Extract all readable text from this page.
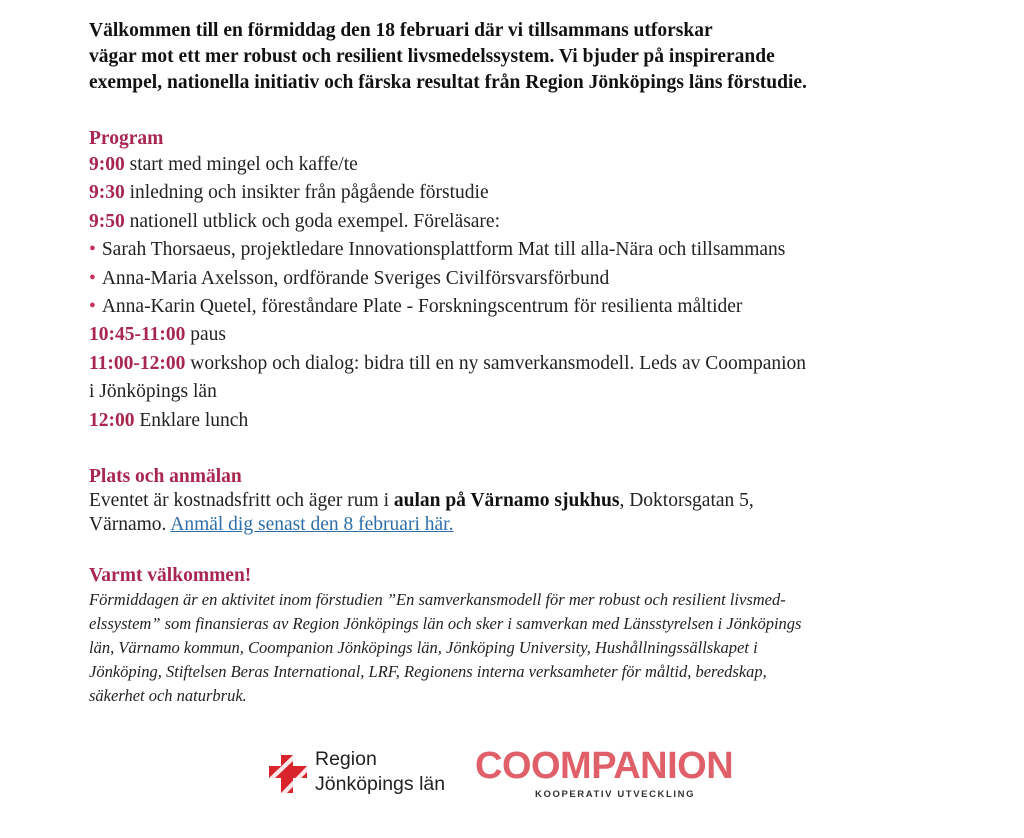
Välkommen till en förmiddag den 18 februari där vi tillsammans utforskar
vägar mot ett mer robust och resilient livsmedelssystem. Vi bjuder på inspirerande
exempel, nationella initiativ och färska resultat från Region Jönköpings läns förstudie.

Program
9:00 start med mingel och kaffe/te
9:30 inledning och insikter från pågående förstudie
9:50 nationell utblick och goda exempel. Föreläsare:
• Sarah Thorsaeus, projektledare Innovationsplattform Mat till alla-Nära och tillsammans
• Anna-Maria Axelsson, ordförande Sveriges Civilförsvarsförbund
• Anna-Karin Quetel, föreståndare Plate - Forskningscentrum för resilienta måltider
10:45-11:00 paus
11:00-12:00 workshop och dialog: bidra till en ny samverkansmodell. Leds av Coompanion
i Jönköpings län
12:00 Enklare lunch
Plats och anmälan
Eventet är kostnadsfritt och äger rum i aulan på Värnamo sjukhus, Doktorsgatan 5,
Värnamo. Anmäl dig senast den 8 februari här.
Varmt välkommen!
Förmiddagen är en aktivitet inom förstudien ”En samverkansmodell för mer robust och resilient livsmed-
elssystem” som finansieras av Region Jönköpings län och sker i samverkan med Länsstyrelsen i Jönköpings
län, Värnamo kommun, Coompanion Jönköpings län, Jönköping University, Hushållningssällskapet i
Jönköping, Stiftelsen Beras International, LRF, Regionens interna verksamheter för måltid, beredskap,
säkerhet och naturbruk.
Region
Jönköpings län COOMPANION
KOOPERATIV UTVECKLING
